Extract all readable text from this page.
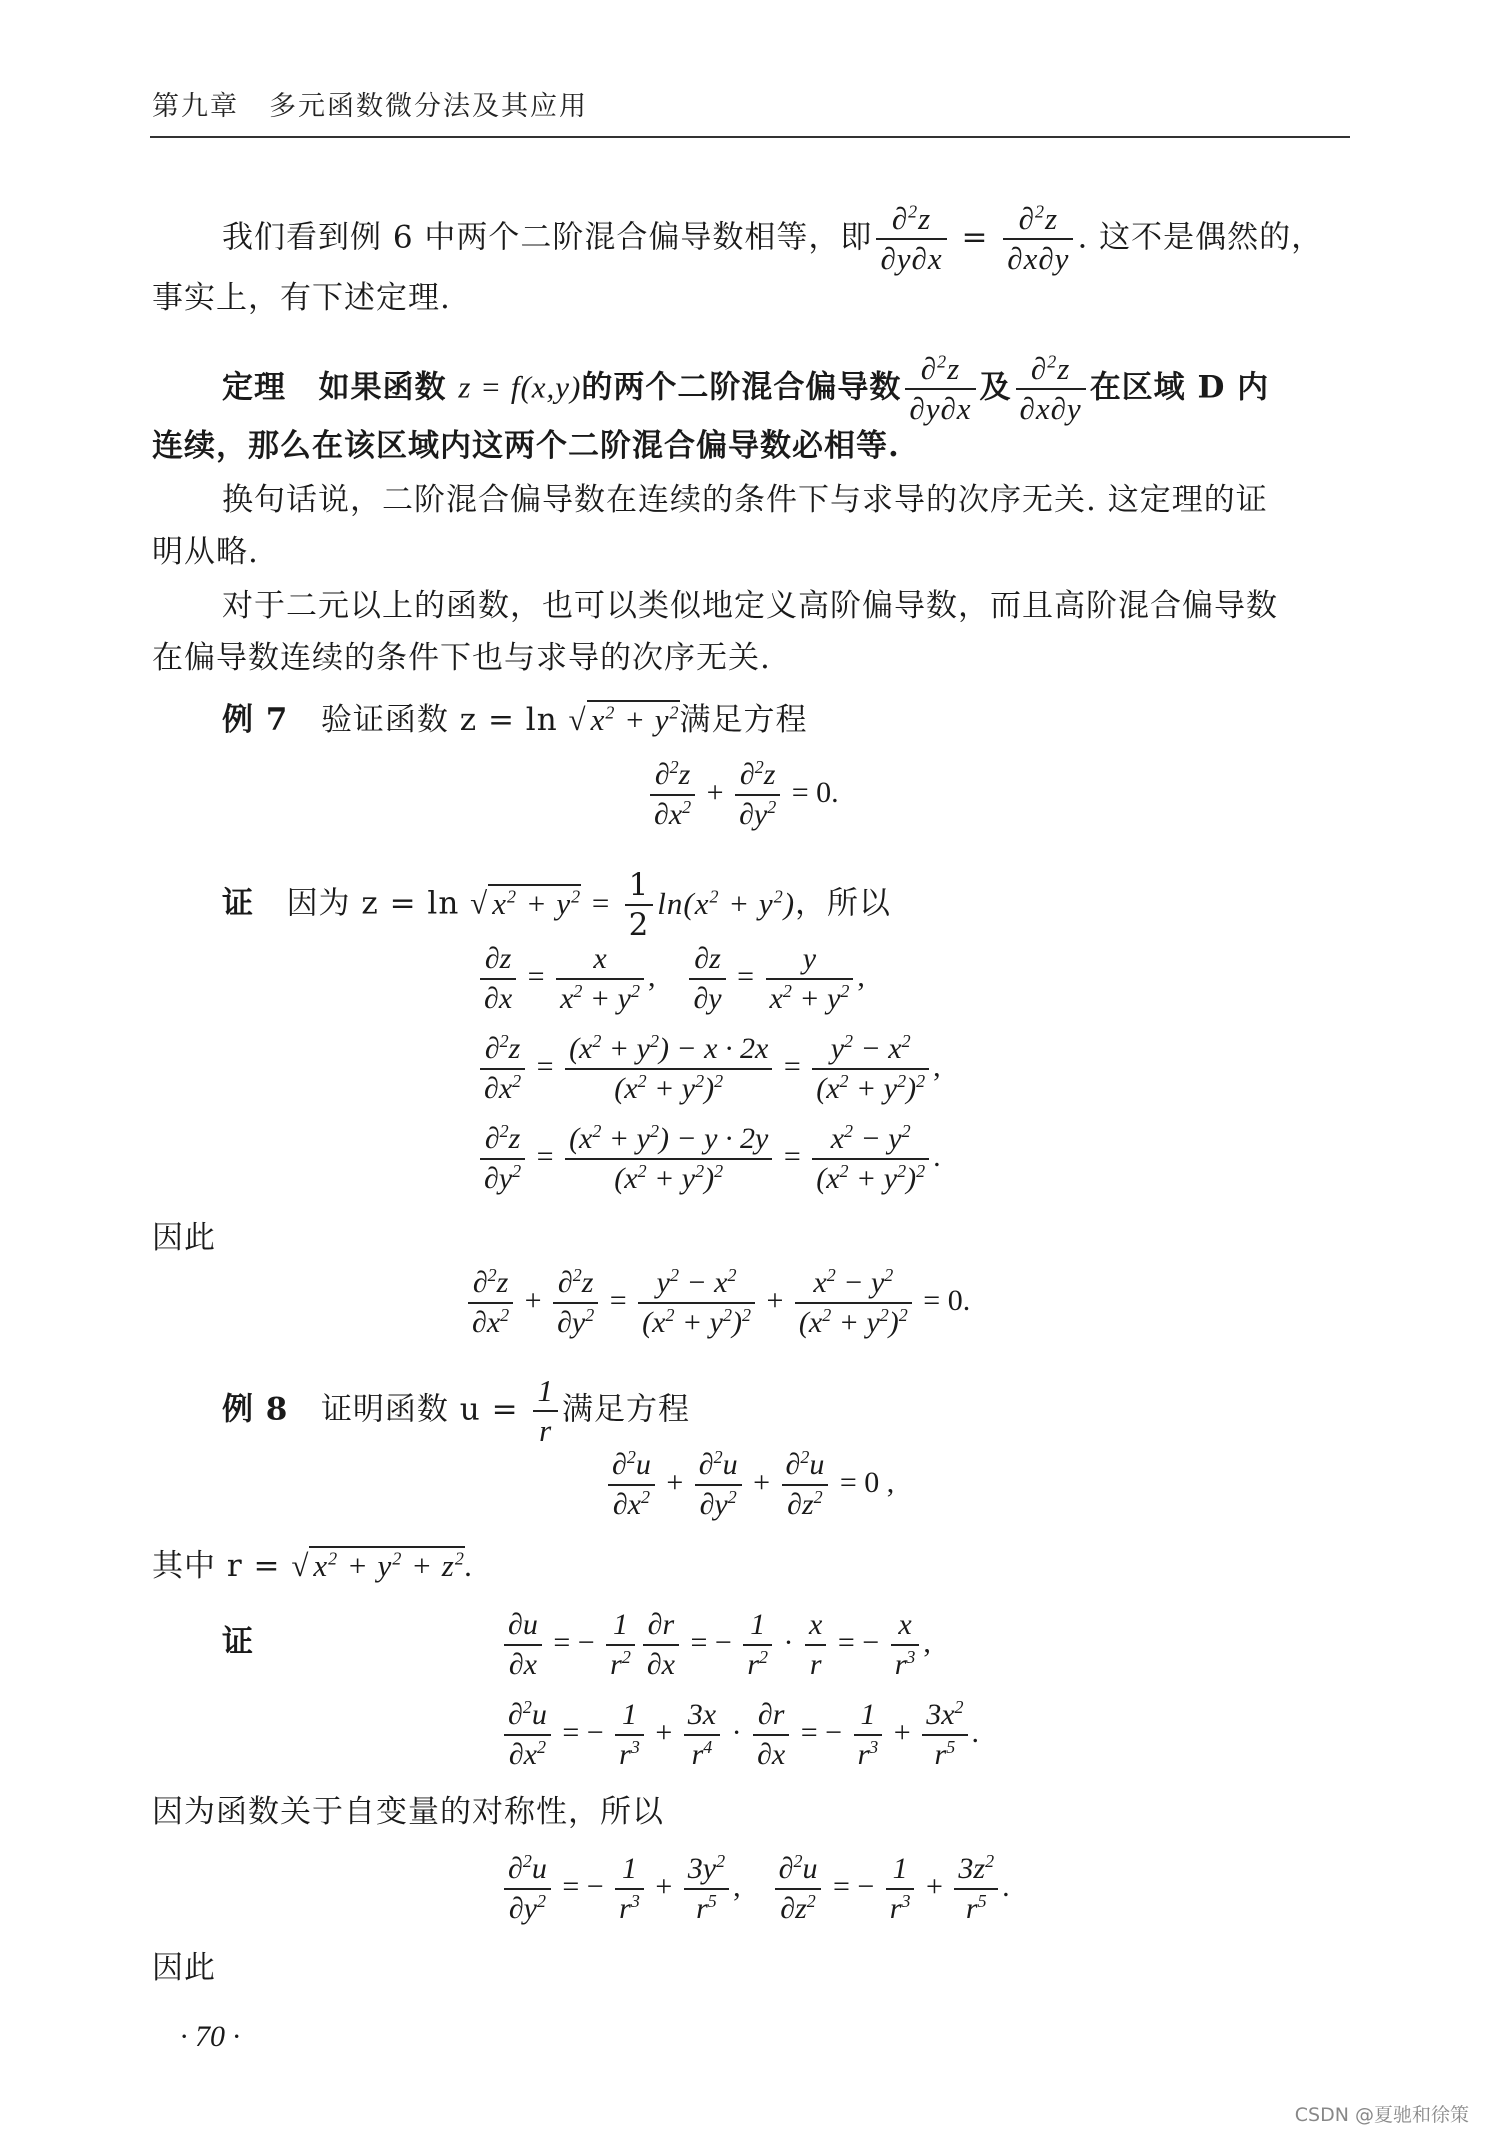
第九章 多元函数微分法及其应用
我们看到例 6 中两个二阶混合偏导数相等，即 $\frac{\partial^2z}{\partial y\partial x} = \frac{\partial^2z}{\partial x\partial y}$ . 这不是偶然的，
事实上，有下述定理.
定理 如果函数 z = f(x,y)的两个二阶混合偏导数 $\frac{\partial^2z}{\partial y\partial x}$ 及 $\frac{\partial^2z}{\partial x\partial y}$ 在区域 D 内
连续，那么在该区域内这两个二阶混合偏导数必相等.
换句话说，二阶混合偏导数在连续的条件下与求导的次序无关. 这定理的证
明从略.
对于二元以上的函数，也可以类似地定义高阶偏导数，而且高阶混合偏导数
在偏导数连续的条件下也与求导的次序无关.
例 7 验证函数 z = ln √ $x^2 + y^2$满足方程
$\frac{\partial^2z}{\partial x^2} + \frac{\partial^2z}{\partial y^2} = 0$.
证 因为 z = ln √ $x^2 + y^2 = \frac{1}{2} \ln(x^2 + y^2)$，所以
$\frac{\partial z}{\partial x} = \frac{x}{x^2 + y^2}$ , $\frac{\partial z}{\partial y} = \frac{y}{x^2 + y^2}$ ,
$\frac{\partial^2z}{\partial x^2} = \frac{(x^2 + y^2) - x \cdot 2x}{(x^2 + y^2)^2} = \frac{y^2 - x^2}{(x^2 + y^2)^2}$ ,
$\frac{\partial^2z}{\partial y^2} = \frac{(x^2 + y^2) - y \cdot 2y}{(x^2 + y^2)^2} = \frac{x^2 - y^2}{(x^2 + y^2)^2}$ .
因此
$\frac{\partial^2z}{\partial x^2} + \frac{\partial^2z}{\partial y^2} = \frac{y^2 - x^2}{(x^2 + y^2)^2} + \frac{x^2 - y^2}{(x^2 + y^2)^2} = 0$.
例 8 证明函数 $u = \frac{1}{r}$ 满足方程
$\frac{\partial^2u}{\partial x^2} + \frac{\partial^2u}{\partial y^2} + \frac{\partial^2u}{\partial z^2} = 0$ ,
其中 r = √ $x^2 + y^2 + z^2$.
证	$\frac{\partial u}{\partial x}$ = − $\frac{1}{r^2} \frac{\partial r}{\partial x}$ = − $\frac{1}{r^2} \cdot \frac{x}{r}$ = − $\frac{x}{r^3}$ ,
$\frac{\partial^2u}{\partial x^2}$ = − $\frac{1}{r^3} + \frac{3x}{r^4} \cdot \frac{\partial r}{\partial x}$ = − $\frac{1}{r^3} + \frac{3x^2}{r^5}$ .
因为函数关于自变量的对称性，所以
$\frac{\partial^2u}{\partial y^2}$ = − $\frac{1}{r^3} + \frac{3y^2}{r^5}$ , $\frac{\partial^2u}{\partial z^2}$ = − $\frac{1}{r^3} + \frac{3z^2}{r^5}$ .
因此
· 70 ·
CSDN @夏驰和徐策
